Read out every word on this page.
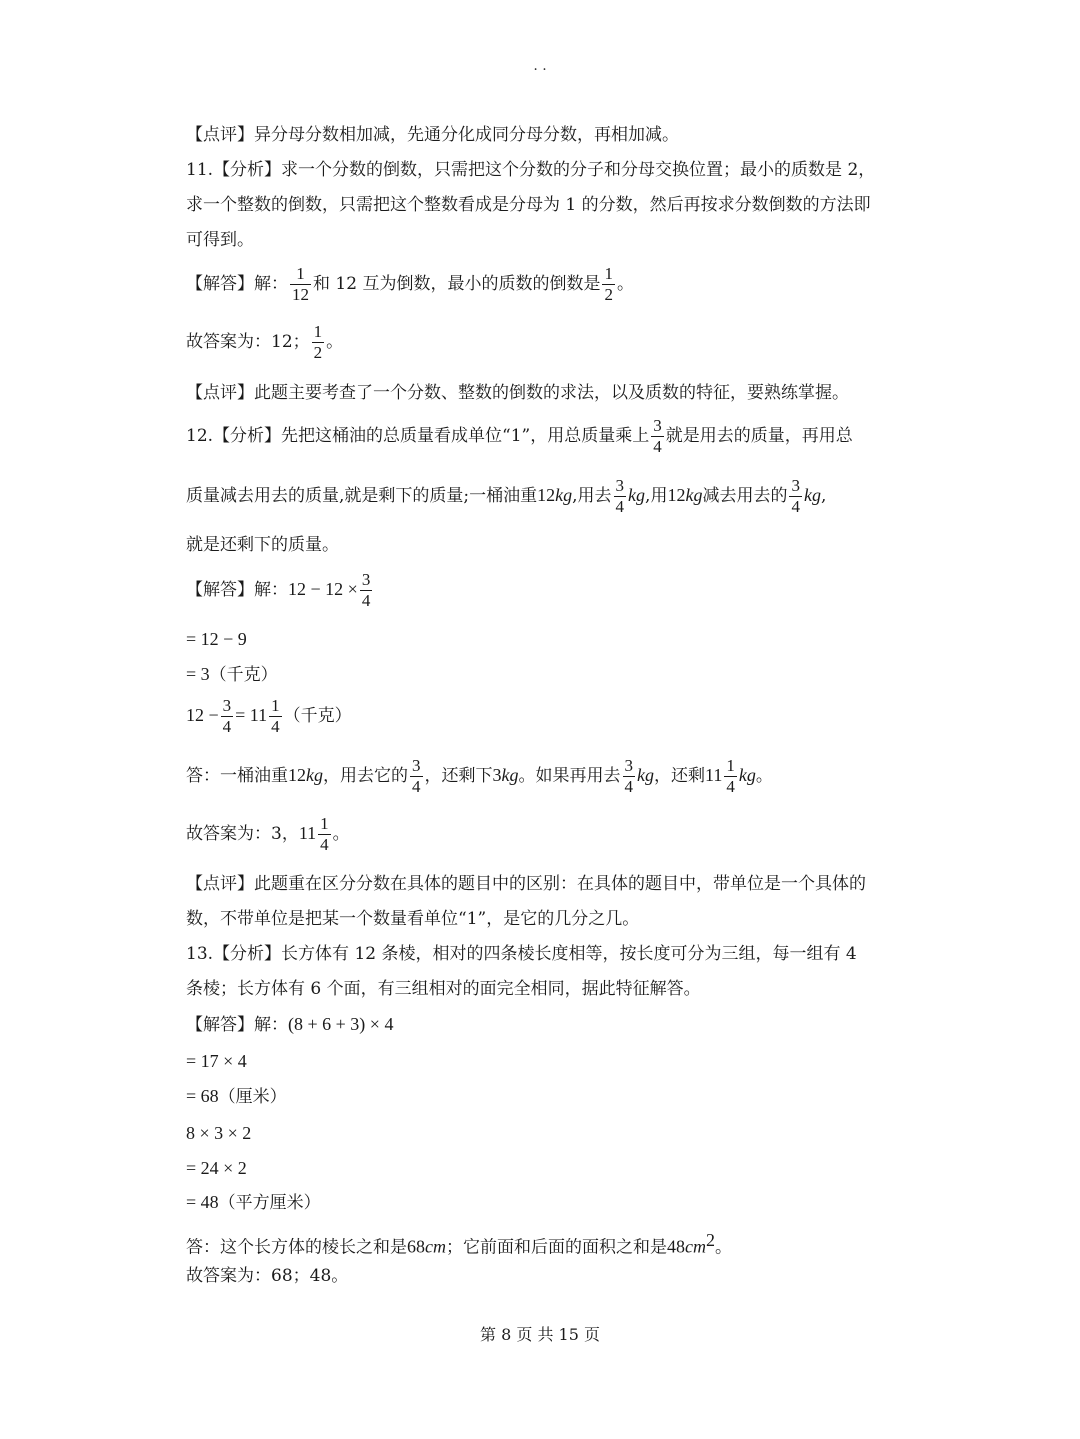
. .
【点评】异分母分数相加减，先通分化成同分母分数，再相加减。
11.【分析】求一个分数的倒数，只需把这个分数的分子和分母交换位置；最小的质数是 2，
求一个整数的倒数，只需把这个整数看成是分母为 1 的分数，然后再按求分数倒数的方法即
可得到。
【解答】解： $\frac{1}{12}$ 和 12 互为倒数，最小的质数的倒数是 $\frac{1}{2}$ 。
故答案为：12； $\frac{1}{2}$ 。
【点评】此题主要考查了一个分数、整数的倒数的求法，以及质数的特征，要熟练掌握。
12.【分析】先把这桶油的总质量看成单位“1”，用总质量乘上 $\frac{3}{4}$ 就是用去的质量，再用总
质量减去用去的质量,就是剩下的质量;一桶油重12kg,用去 $\frac{3}{4}$ kg,用12kg减去用去的 $\frac{3}{4}$ kg,
就是还剩下的质量。
【解答】解：$12 - 12 \times \frac{3}{4}$
= 12 − 9
= 3（千克）
$12 - \frac{3}{4} = 11 \frac{1}{4}$ （千克）
答：一桶油重12kg，用去它的 $\frac{3}{4}$ ，还剩下3kg。如果再用去 $\frac{3}{4}$ kg，还剩$11 \frac{1}{4}$ kg。
故答案为：3，$11 \frac{1}{4}$ 。
【点评】此题重在区分分数在具体的题目中的区别：在具体的题目中，带单位是一个具体的
数，不带单位是把某一个数量看单位“1”，是它的几分之几。
13.【分析】长方体有 12 条棱，相对的四条棱长度相等，按长度可分为三组，每一组有 4
条棱；长方体有 6 个面，有三组相对的面完全相同，据此特征解答。
【解答】解：(8 + 6 + 3) × 4
= 17 × 4
= 68（厘米）
8 × 3 × 2
= 24 × 2
= 48（平方厘米）
答：这个长方体的棱长之和是68cm；它前面和后面的面积之和是$48cm^2$。
故答案为：68；48。
第 8 页 共 15 页
